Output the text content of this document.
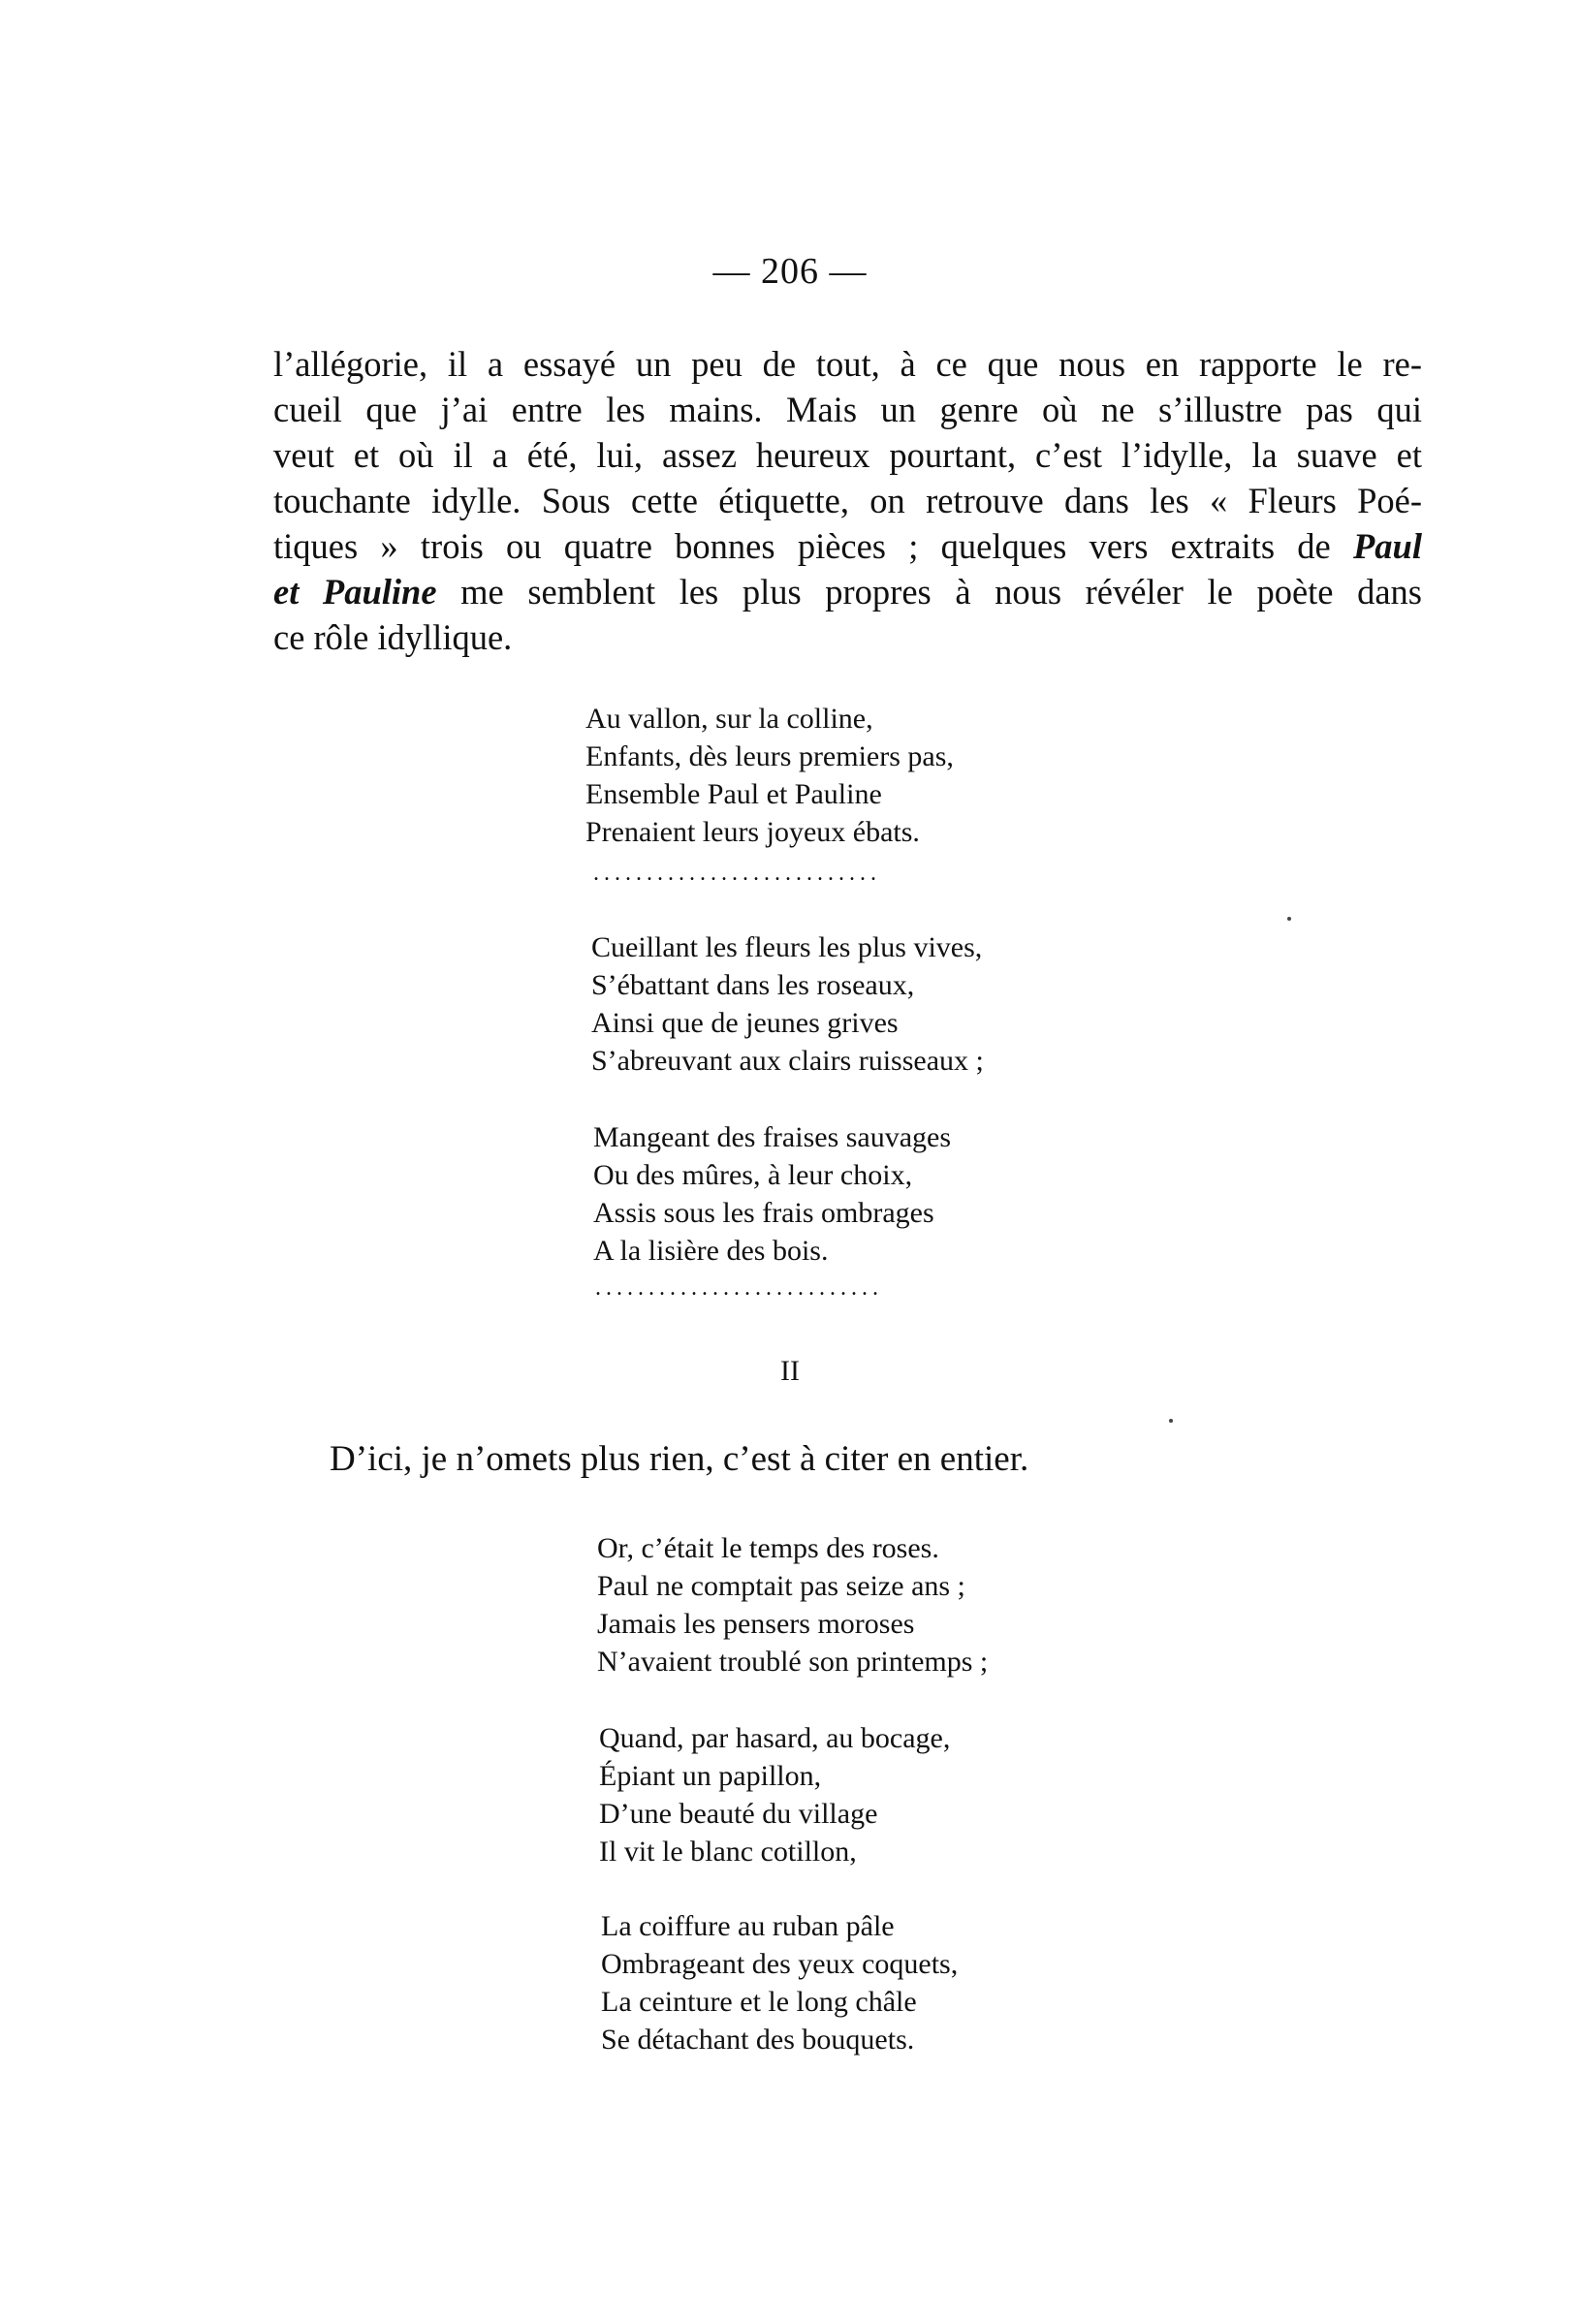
— 206 —
l’allégorie, il a essayé un peu de tout, à ce que nous en rapporte le re-
cueil que j’ai entre les mains. Mais un genre où ne s’illustre pas qui
veut et où il a été, lui, assez heureux pourtant, c’est l’idylle, la suave et
touchante idylle. Sous cette étiquette, on retrouve dans les « Fleurs Poé-
tiques » trois ou quatre bonnes pièces ; quelques vers extraits de Paul
et Pauline me semblent les plus propres à nous révéler le poète dans
ce rôle idyllique.
Au vallon, sur la colline,
Enfants, dès leurs premiers pas,
Ensemble Paul et Pauline
Prenaient leurs joyeux ébats.
...........................
Cueillant les fleurs les plus vives,
S’ébattant dans les roseaux,
Ainsi que de jeunes grives
S’abreuvant aux clairs ruisseaux ;
Mangeant des fraises sauvages
Ou des mûres, à leur choix,
Assis sous les frais ombrages
A la lisière des bois.
...........................
II
D’ici, je n’omets plus rien, c’est à citer en entier.
Or, c’était le temps des roses.
Paul ne comptait pas seize ans ;
Jamais les pensers moroses
N’avaient troublé son printemps ;
Quand, par hasard, au bocage,
Épiant un papillon,
D’une beauté du village
Il vit le blanc cotillon,
La coiffure au ruban pâle
Ombrageant des yeux coquets,
La ceinture et le long châle
Se détachant des bouquets.
